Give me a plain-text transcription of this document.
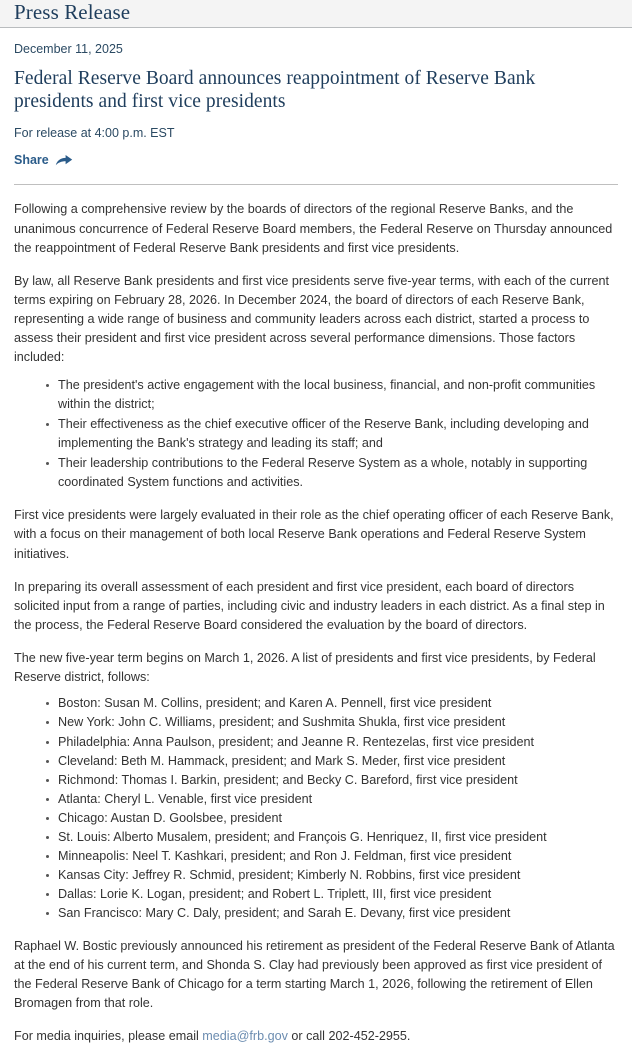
Press Release
December 11, 2025
Federal Reserve Board announces reappointment of Reserve Bank presidents and first vice presidents
For release at 4:00 p.m. EST
Share

Following a comprehensive review by the boards of directors of the regional Reserve Banks, and the unanimous concurrence of Federal Reserve Board members, the Federal Reserve on Thursday announced the reappointment of Federal Reserve Bank presidents and first vice presidents.

By law, all Reserve Bank presidents and first vice presidents serve five-year terms, with each of the current terms expiring on February 28, 2026. In December 2024, the board of directors of each Reserve Bank, representing a wide range of business and community leaders across each district, started a process to assess their president and first vice president across several performance dimensions. Those factors included:

The president's active engagement with the local business, financial, and non-profit communities within the district;
Their effectiveness as the chief executive officer of the Reserve Bank, including developing and implementing the Bank's strategy and leading its staff; and
Their leadership contributions to the Federal Reserve System as a whole, notably in supporting coordinated System functions and activities.

First vice presidents were largely evaluated in their role as the chief operating officer of each Reserve Bank, with a focus on their management of both local Reserve Bank operations and Federal Reserve System initiatives.

In preparing its overall assessment of each president and first vice president, each board of directors solicited input from a range of parties, including civic and industry leaders in each district. As a final step in the process, the Federal Reserve Board considered the evaluation by the board of directors.

The new five-year term begins on March 1, 2026. A list of presidents and first vice presidents, by Federal Reserve district, follows:

Boston: Susan M. Collins, president; and Karen A. Pennell, first vice president
New York: John C. Williams, president; and Sushmita Shukla, first vice president
Philadelphia: Anna Paulson, president; and Jeanne R. Rentezelas, first vice president
Cleveland: Beth M. Hammack, president; and Mark S. Meder, first vice president
Richmond: Thomas I. Barkin, president; and Becky C. Bareford, first vice president
Atlanta: Cheryl L. Venable, first vice president
Chicago: Austan D. Goolsbee, president
St. Louis: Alberto Musalem, president; and François G. Henriquez, II, first vice president
Minneapolis: Neel T. Kashkari, president; and Ron J. Feldman, first vice president
Kansas City: Jeffrey R. Schmid, president; Kimberly N. Robbins, first vice president
Dallas: Lorie K. Logan, president; and Robert L. Triplett, III, first vice president
San Francisco: Mary C. Daly, president; and Sarah E. Devany, first vice president

Raphael W. Bostic previously announced his retirement as president of the Federal Reserve Bank of Atlanta at the end of his current term, and Shonda S. Clay had previously been approved as first vice president of the Federal Reserve Bank of Chicago for a term starting March 1, 2026, following the retirement of Ellen Bromagen from that role.

For media inquiries, please email media@frb.gov or call 202-452-2955.
